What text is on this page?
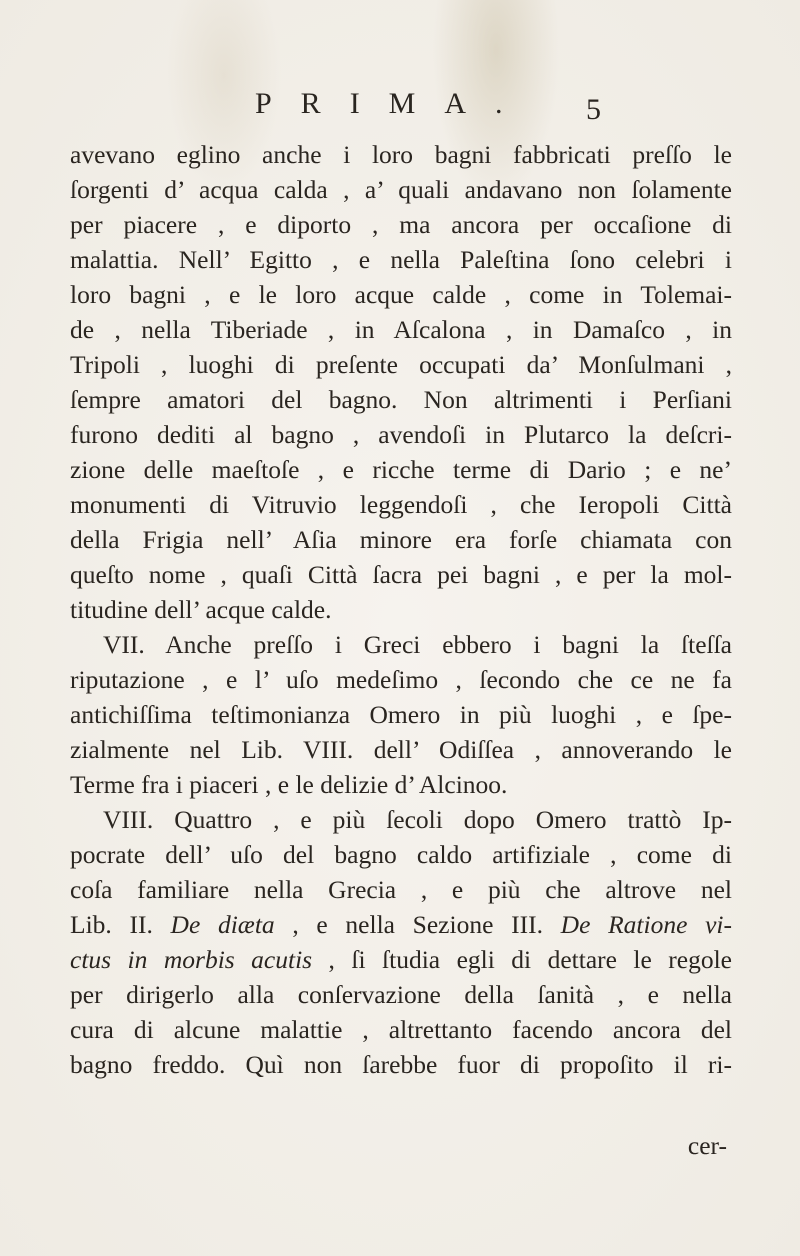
PRIMA. 5
avevano eglino anche i loro bagni fabbricati preſſo le
ſorgenti d’ acqua calda , a’ quali andavano non ſolamente
per piacere , e diporto , ma ancora per occaſione di
malattia. Nell’ Egitto , e nella Paleſtina ſono celebri i
loro bagni , e le loro acque calde , come in Tolemai-
de , nella Tiberiade , in Aſcalona , in Damaſco , in
Tripoli , luoghi di preſente occupati da’ Monſulmani ,
ſempre amatori del bagno. Non altrimenti i Perſiani
furono dediti al bagno , avendoſi in Plutarco la deſcri-
zione delle maeſtoſe , e ricche terme di Dario ; e ne’
monumenti di Vitruvio leggendoſi , che Ieropoli Città
della Frigia nell’ Aſia minore era forſe chiamata con
queſto nome , quaſi Città ſacra pei bagni , e per la mol-
titudine dell’ acque calde.
VII. Anche preſſo i Greci ebbero i bagni la ſteſſa
riputazione , e l’ uſo medeſimo , ſecondo che ce ne fa
antichiſſima teſtimonianza Omero in più luoghi , e ſpe-
zialmente nel Lib. VIII. dell’ Odiſſea , annoverando le
Terme fra i piaceri , e le delizie d’ Alcinoo.
VIII. Quattro , e più ſecoli dopo Omero trattò Ip-
pocrate dell’ uſo del bagno caldo artifiziale , come di
coſa familiare nella Grecia , e più che altrove nel
Lib. II. De diæta , e nella Sezione III. De Ratione vi-
ctus in morbis acutis , ſi ſtudia egli di dettare le regole
per dirigerlo alla conſervazione della ſanità , e nella
cura di alcune malattie , altrettanto facendo ancora del
bagno freddo. Quì non ſarebbe fuor di propoſito il ri-
cer-
